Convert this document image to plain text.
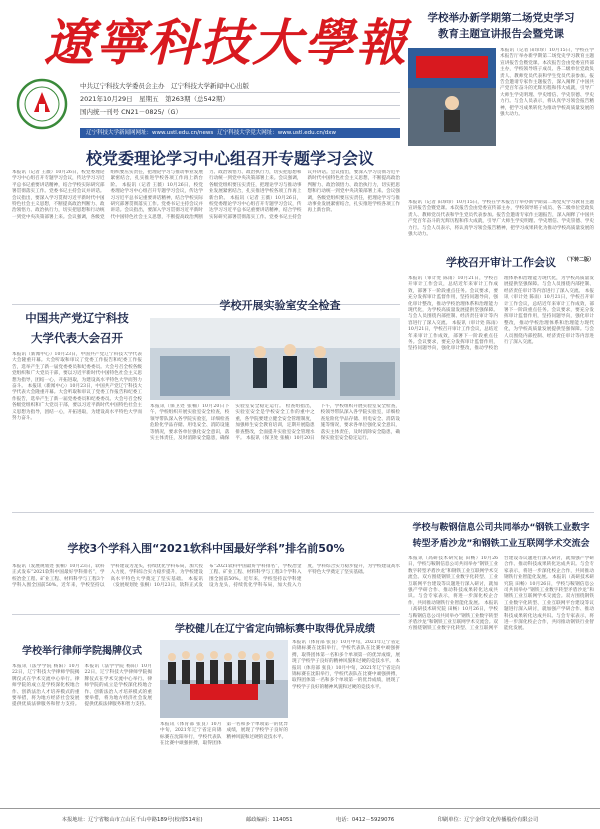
遼寧科技大學報
中共辽宁科技大学委员会主办　辽宁科技大学新闻中心出版
2021年10月29日　星期五　第263期（总542期）
国内统一刊号 CN21－0825/（G）
辽宁科技大学新闻网网址：www.ustl.edu.cn/news 辽宁科技大学党大网址：www.ustl.edu.cn/dxw
学校举办新学期第二场党史学习
教育主题宣讲报告会暨党课
本报讯（记者 田珍珍）10月15日，学校在学术报告厅举办新学期第二场党史学习教育主题宣讲报告会暨党课。本次报告会由党委宣传部主办，学校领导班子成员、各二级单位党政负责人、教师党员代表和学生党员代表参加。报告会邀请专家作主题报告，深入阐释了中国共产党百年奋斗的光辉历程和伟大成就，引导广大师生学史明理、学史增信、学史崇德、学史力行。与会人员表示，将认真学习领会报告精神，把学习成果转化为推动学校高质量发展的强大动力。
本报讯（记者 田珍珍）10月15日，学校在学术报告厅举办新学期第二场党史学习教育主题宣讲报告会暨党课。本次报告会由党委宣传部主办，学校领导班子成员、各二级单位党政负责人、教师党员代表和学生党员代表参加。报告会邀请专家作主题报告，深入阐释了中国共产党百年奋斗的光辉历程和伟大成就，引导广大师生学史明理、学史增信、学史崇德、学史力行。与会人员表示，将认真学习领会报告精神，把学习成果转化为推动学校高质量发展的强大动力。
（下转二版）
校党委理论学习中心组召开专题学习会议
本报讯（记者 王薇）10月26日，校党委理论学习中心组召开专题学习会议，传达学习习近平总书记重要讲话精神，结合学校实际研究部署贯彻落实工作。党委书记主持会议并讲话。会议指出，要深入学习贯彻习近平新时代中国特色社会主义思想，不断提高政治判断力、政治领悟力、政治执行力，切实把思想和行动统一到党中央决策部署上来。会议强调，各级党组织要压实责任，把理论学习与推动事业发展紧密结合，扎实推进学校各项工作再上新台阶。 本报讯（记者 王薇）10月26日，校党委理论学习中心组召开专题学习会议，传达学习习近平总书记重要讲话精神，结合学校实际研究部署贯彻落实工作。党委书记主持会议并讲话。会议指出，要深入学习贯彻习近平新时代中国特色社会主义思想，不断提高政治判断力、政治领悟力、政治执行力，切实把思想和行动统一到党中央决策部署上来。会议强调，各级党组织要压实责任，把理论学习与推动事业发展紧密结合，扎实推进学校各项工作再上新台阶。 本报讯（记者 王薇）10月26日，校党委理论学习中心组召开专题学习会议，传达学习习近平总书记重要讲话精神，结合学校实际研究部署贯彻落实工作。党委书记主持会议并讲话。会议指出，要深入学习贯彻习近平新时代中国特色社会主义思想，不断提高政治判断力、政治领悟力、政治执行力，切实把思想和行动统一到党中央决策部署上来。会议强调，各级党组织要压实责任，把理论学习与推动事业发展紧密结合，扎实推进学校各项工作再上新台阶。
中国共产党辽宁科技
大学代表大会召开
本报讯（新闻中心）10月23日，中国共产党辽宁科技大学代表大会隆重开幕。大会听取和审议了党委工作报告和纪委工作报告，选举产生了新一届党委委员和纪委委员。大会号召全校各级党组织和广大党员干部，要以习近平新时代中国特色社会主义思想为指导，团结一心，开拓进取，为建设高水平特色大学而努力奋斗。 本报讯（新闻中心）10月23日，中国共产党辽宁科技大学代表大会隆重开幕。大会听取和审议了党委工作报告和纪委工作报告，选举产生了新一届党委委员和纪委委员。大会号召全校各级党组织和广大党员干部，要以习近平新时代中国特色社会主义思想为指导，团结一心，开拓进取，为建设高水平特色大学而努力奋斗。
学校开展实验室安全检查
本报讯（保卫处 张楠）10月20日下午，学校组织开展实验室安全检查，校领导带队深入各学院实验室，详细检查危险化学品存储、用电安全、消防设施等情况，要求各单位强化安全意识，落实主体责任，及时消除安全隐患，确保实验室安全稳定运行。 检查组指出，实验室安全是学校安全工作的重中之重，各学院要建立健全安全管理制度，加强师生安全教育培训，定期开展隐患排查整改，全面提升实验室安全管理水平。 本报讯（保卫处 张楠）10月20日下午，学校组织开展实验室安全检查，校领导带队深入各学院实验室，详细检查危险化学品存储、用电安全、消防设施等情况，要求各单位强化安全意识，落实主体责任，及时消除安全隐患，确保实验室安全稳定运行。
学校召开审计工作会议
本报讯（审计处 陈雨）10月21日，学校召开审计工作会议，总结近年来审计工作成效，部署下一阶段重点任务。会议要求，要充分发挥审计监督作用，坚持问题导向，强化审计整改，推动学校治理体系和治理能力现代化，为学校高质量发展提供坚强保障。与会人员围绕内部控制、经济责任审计等内容进行了深入交流。 本报讯（审计处 陈雨）10月21日，学校召开审计工作会议，总结近年来审计工作成效，部署下一阶段重点任务。会议要求，要充分发挥审计监督作用，坚持问题导向，强化审计整改，推动学校治理体系和治理能力现代化，为学校高质量发展提供坚强保障。与会人员围绕内部控制、经济责任审计等内容进行了深入交流。 本报讯（审计处 陈雨）10月21日，学校召开审计工作会议，总结近年来审计工作成效，部署下一阶段重点任务。会议要求，要充分发挥审计监督作用，坚持问题导向，强化审计整改，推动学校治理体系和治理能力现代化，为学校高质量发展提供坚强保障。与会人员围绕内部控制、经济责任审计等内容进行了深入交流。
学校3个学科入围“2021软科中国最好学科”排名前50%
本报讯（发展规划处 张桐）10月23日，软科正式发布“2021软科中国最好学科排名”，学校冶金工程、矿业工程、材料科学与工程3个学科入围全国前50%。近年来，学校坚持以学科建设为龙头，持续优化学科布局，加大投入力度，学科综合实力稳步提升，为学校建设高水平特色大学奠定了坚实基础。 本报讯（发展规划处 张桐）10月23日，软科正式发布“2021软科中国最好学科排名”，学校冶金工程、矿业工程、材料科学与工程3个学科入围全国前50%。近年来，学校坚持以学科建设为龙头，持续优化学科布局，加大投入力度，学科综合实力稳步提升，为学校建设高水平特色大学奠定了坚实基础。
学校与鞍钢信息公司共同举办“钢铁工业数字
转型矛盾沙龙”和钢铁工业互联网学术交流会
本报讯（高研技术研究院 田畅）10月26日，学校与鞍钢信息公司共同举办“钢铁工业数字转型矛盾沙龙”和钢铁工业互联网学术交流会。双方围绕钢铁工业数字化转型、工业互联网平台建设等议题进行深入研讨，就加强产学研合作、推动科技成果转化达成共识。与会专家表示，将进一步深化校企合作，共同推动钢铁行业智能化发展。 本报讯（高研技术研究院 田畅）10月26日，学校与鞍钢信息公司共同举办“钢铁工业数字转型矛盾沙龙”和钢铁工业互联网学术交流会。双方围绕钢铁工业数字化转型、工业互联网平台建设等议题进行深入研讨，就加强产学研合作、推动科技成果转化达成共识。与会专家表示，将进一步深化校企合作，共同推动钢铁行业智能化发展。 本报讯（高研技术研究院 田畅）10月26日，学校与鞍钢信息公司共同举办“钢铁工业数字转型矛盾沙龙”和钢铁工业互联网学术交流会。双方围绕钢铁工业数字化转型、工业互联网平台建设等议题进行深入研讨，就加强产学研合作、推动科技成果转化达成共识。与会专家表示，将进一步深化校企合作，共同推动钢铁行业智能化发展。
学校举行律师学院揭牌仪式
本报讯（法学学院 杨阳）10月22日，辽宁科技大学律师学院揭牌仪式在学术交流中心举行。律师学院的成立是学校深化校地合作、创新法治人才培养模式的重要举措，将为地方经济社会发展提供优质法律服务和智力支持。 本报讯（法学学院 杨阳）10月22日，辽宁科技大学律师学院揭牌仪式在学术交流中心举行。律师学院的成立是学校深化校地合作、创新法治人才培养模式的重要举措，将为地方经济社会发展提供优质法律服务和智力支持。
学校健儿在辽宁省定向锦标赛中取得优异成绩
本报讯（体育部 张良）10月中旬，2021年辽宁省定向锦标赛在沈阳举行，学校代表队在比赛中顽强拼搏，取得团体第一名和多个单项第一的优异成绩，展现了学校学子良好的精神风貌和过硬的竞技水平。 本报讯（体育部 张良）10月中旬，2021年辽宁省定向锦标赛在沈阳举行，学校代表队在比赛中顽强拼搏，取得团体第一名和多个单项第一的优异成绩，展现了学校学子良好的精神风貌和过硬的竞技水平。
本报讯（体育部 张良）10月中旬，2021年辽宁省定向锦标赛在沈阳举行，学校代表队在比赛中顽强拼搏，取得团体第一名和多个单项第一的优异成绩，展现了学校学子良好的精神风貌和过硬的竞技水平。
本报地址：辽宁省鞍山市立山区千山中路189号(校部514室)	邮政编码：114051	电话：0412－5929076	印刷单位：辽宁金印文化传播股份有限公司
